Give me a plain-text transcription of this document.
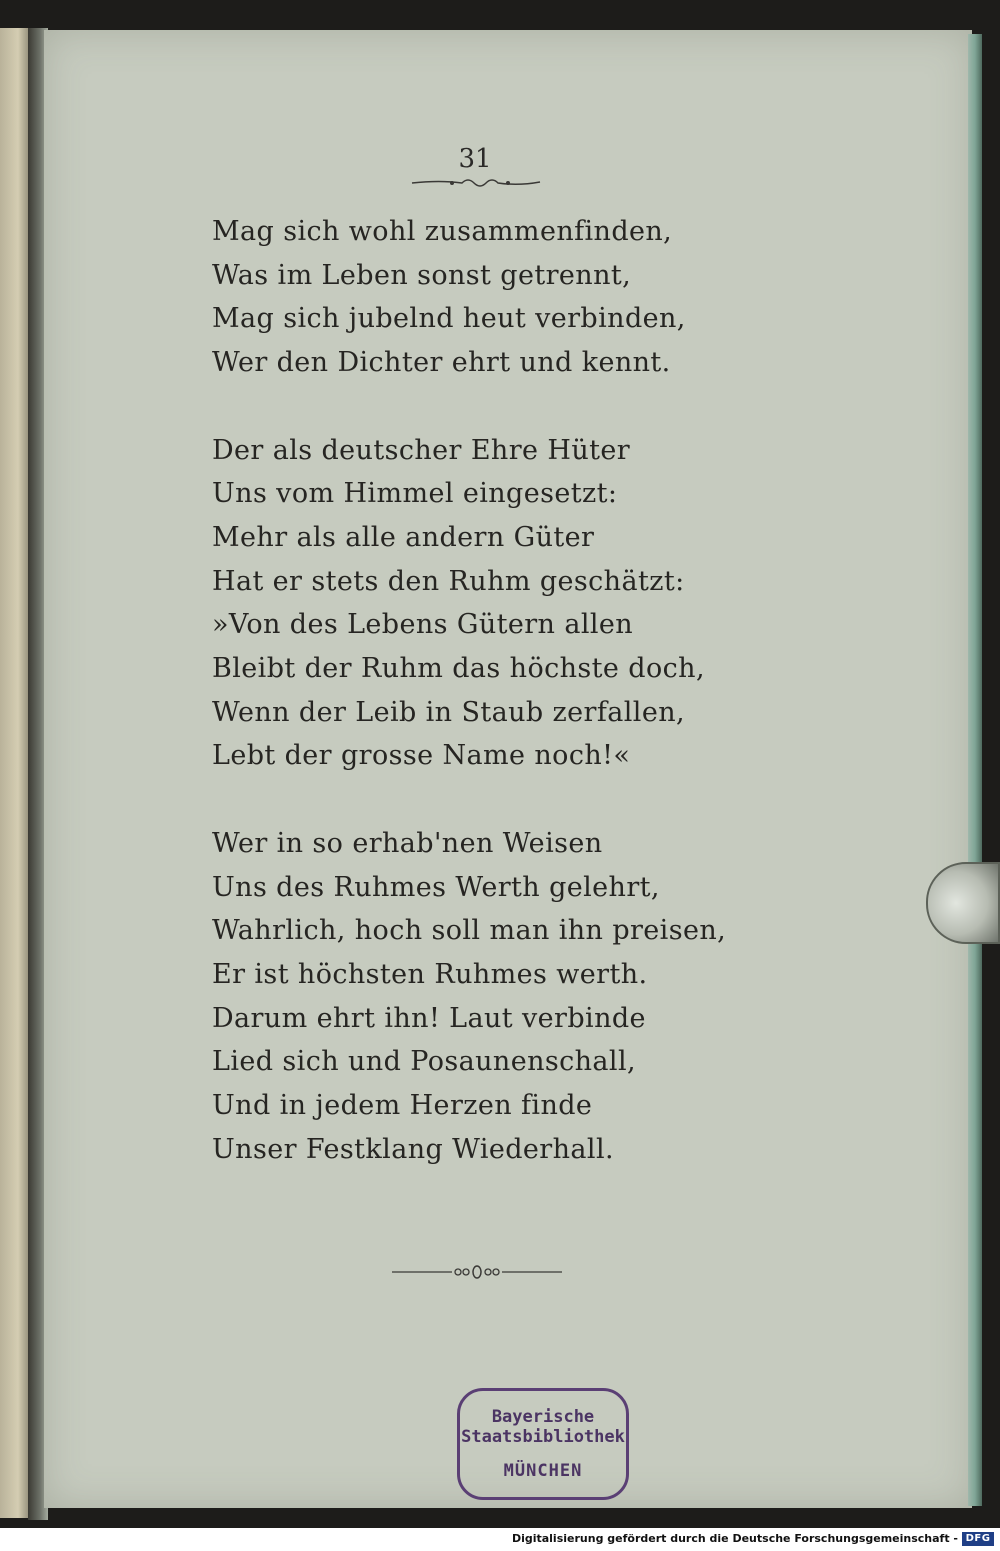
31
Mag sich wohl zusammenfinden,
Was im Leben sonst getrennt,
Mag sich jubelnd heut verbinden,
Wer den Dichter ehrt und kennt.
Der als deutscher Ehre Hüter
Uns vom Himmel eingesetzt:
Mehr als alle andern Güter
Hat er stets den Ruhm geschätzt:
»Von des Lebens Gütern allen
Bleibt der Ruhm das höchste doch,
Wenn der Leib in Staub zerfallen,
Lebt der grosse Name noch!«
Wer in so erhab'nen Weisen
Uns des Ruhmes Werth gelehrt,
Wahrlich, hoch soll man ihn preisen,
Er ist höchsten Ruhmes werth.
Darum ehrt ihn! Laut verbinde
Lied sich und Posaunenschall,
Und in jedem Herzen finde
Unser Festklang Wiederhall.
Bayerische
Staatsbibliothek
MÜNCHEN
Digitalisierung gefördert durch die Deutsche Forschungsgemeinschaft - DFG
